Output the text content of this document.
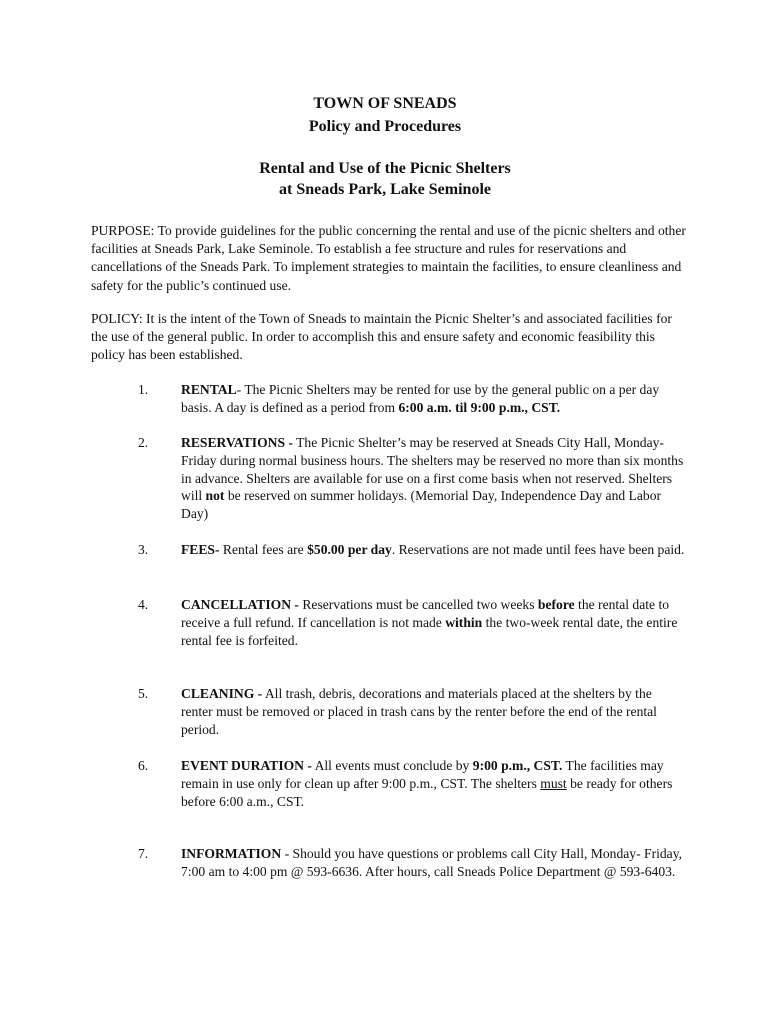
TOWN OF SNEADS
Policy and Procedures
Rental and Use of the Picnic Shelters
at Sneads Park, Lake Seminole
PURPOSE: To provide guidelines for the public concerning the rental and use of the picnic shelters and other facilities at Sneads Park, Lake Seminole. To establish a fee structure and rules for reservations and cancellations of the Sneads Park. To implement strategies to maintain the facilities, to ensure cleanliness and safety for the public’s continued use.
POLICY: It is the intent of the Town of Sneads to maintain the Picnic Shelter’s and associated facilities for the use of the general public. In order to accomplish this and ensure safety and economic feasibility this policy has been established.
1. RENTAL- The Picnic Shelters may be rented for use by the general public on a per day basis. A day is defined as a period from 6:00 a.m. til 9:00 p.m., CST.
2. RESERVATIONS - The Picnic Shelter’s may be reserved at Sneads City Hall, Monday- Friday during normal business hours. The shelters may be reserved no more than six months in advance. Shelters are available for use on a first come basis when not reserved. Shelters will not be reserved on summer holidays. (Memorial Day, Independence Day and Labor Day)
3. FEES- Rental fees are $50.00 per day. Reservations are not made until fees have been paid.
4. CANCELLATION - Reservations must be cancelled two weeks before the rental date to receive a full refund. If cancellation is not made within the two-week rental date, the entire rental fee is forfeited.
5. CLEANING - All trash, debris, decorations and materials placed at the shelters by the renter must be removed or placed in trash cans by the renter before the end of the rental period.
6. EVENT DURATION - All events must conclude by 9:00 p.m., CST. The facilities may remain in use only for clean up after 9:00 p.m., CST. The shelters must be ready for others before 6:00 a.m., CST.
7. INFORMATION - Should you have questions or problems call City Hall, Monday- Friday, 7:00 am to 4:00 pm @ 593-6636. After hours, call Sneads Police Department @ 593-6403.
